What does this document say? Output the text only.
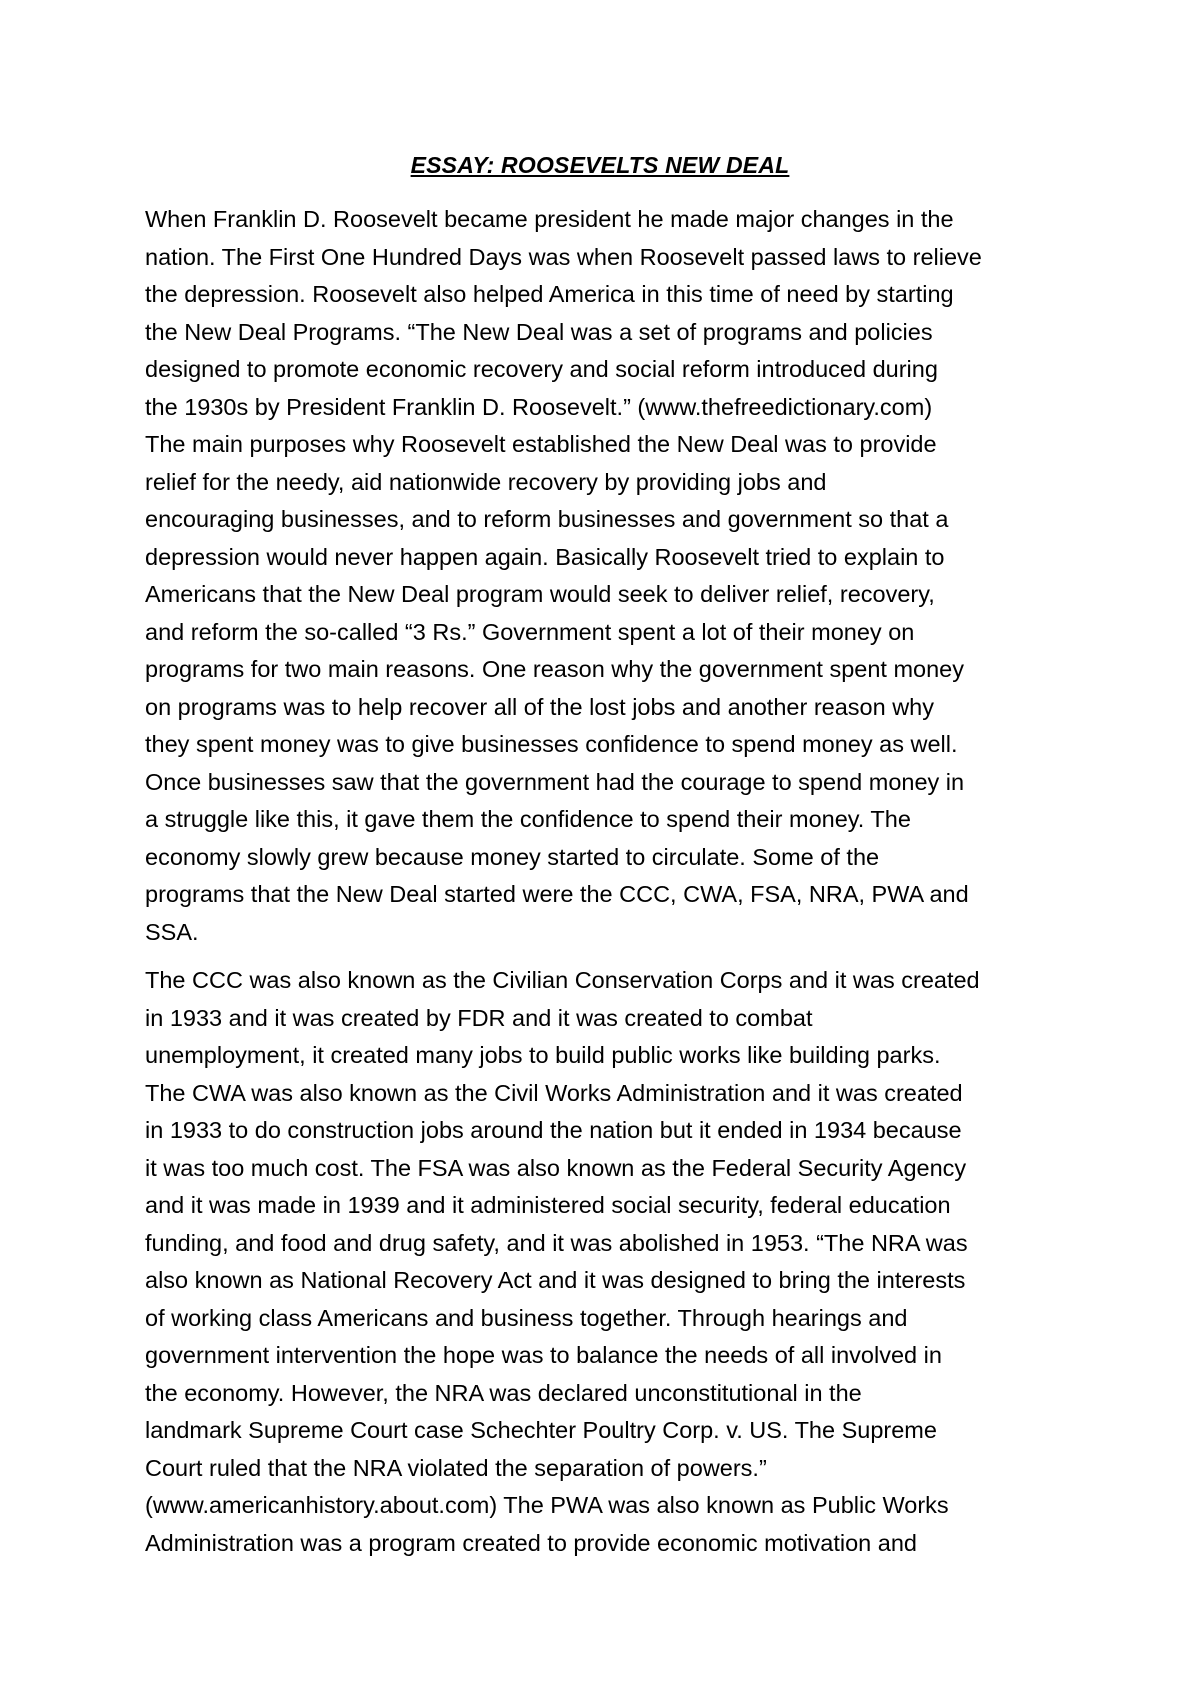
ESSAY: ROOSEVELTS NEW DEAL
When Franklin D. Roosevelt became president he made major changes in the
nation. The First One Hundred Days was when Roosevelt passed laws to relieve
the depression. Roosevelt also helped America in this time of need by starting
the New Deal Programs. “The New Deal was a set of programs and policies
designed to promote economic recovery and social reform introduced during
the 1930s by President Franklin D. Roosevelt.” (www.thefreedictionary.com)
The main purposes why Roosevelt established the New Deal was to provide
relief for the needy, aid nationwide recovery by providing jobs and
encouraging businesses, and to reform businesses and government so that a
depression would never happen again. Basically Roosevelt tried to explain to
Americans that the New Deal program would seek to deliver relief, recovery,
and reform the so-called “3 Rs.” Government spent a lot of their money on
programs for two main reasons. One reason why the government spent money
on programs was to help recover all of the lost jobs and another reason why
they spent money was to give businesses confidence to spend money as well.
Once businesses saw that the government had the courage to spend money in
a struggle like this, it gave them the confidence to spend their money. The
economy slowly grew because money started to circulate. Some of the
programs that the New Deal started were the CCC, CWA, FSA, NRA, PWA and
SSA.
The CCC was also known as the Civilian Conservation Corps and it was created
in 1933 and it was created by FDR and it was created to combat
unemployment, it created many jobs to build public works like building parks.
The CWA was also known as the Civil Works Administration and it was created
in 1933 to do construction jobs around the nation but it ended in 1934 because
it was too much cost. The FSA was also known as the Federal Security Agency
and it was made in 1939 and it administered social security, federal education
funding, and food and drug safety, and it was abolished in 1953. “The NRA was
also known as National Recovery Act and it was designed to bring the interests
of working class Americans and business together. Through hearings and
government intervention the hope was to balance the needs of all involved in
the economy. However, the NRA was declared unconstitutional in the
landmark Supreme Court case Schechter Poultry Corp. v. US. The Supreme
Court ruled that the NRA violated the separation of powers.”
(www.americanhistory.about.com) The PWA was also known as Public Works
Administration was a program created to provide economic motivation and
